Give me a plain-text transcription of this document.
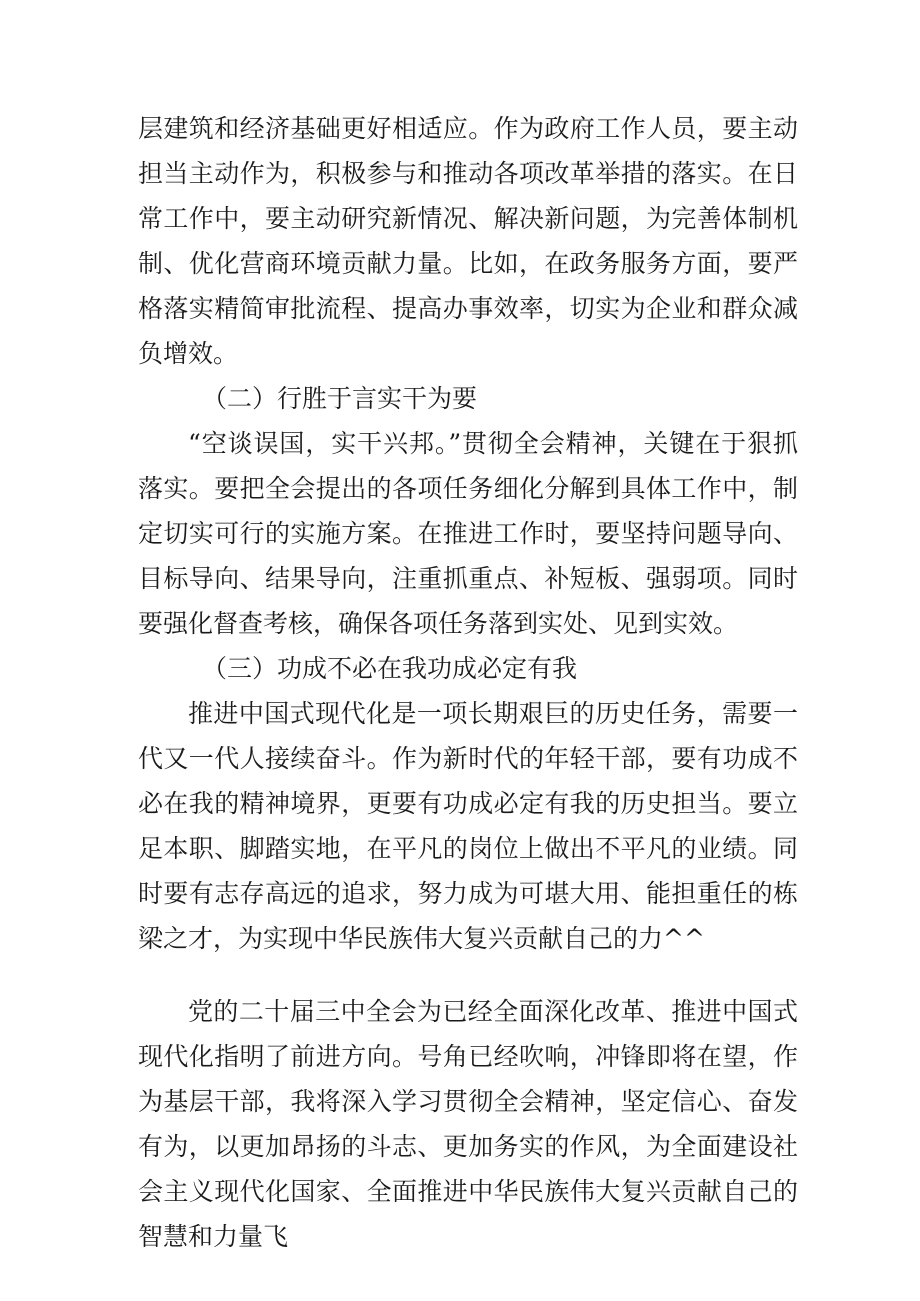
层建筑和经济基础更好相适应。作为政府工作人员，要主动担当主动作为，积极参与和推动各项改革举措的落实。在日常工作中，要主动研究新情况、解决新问题，为完善体制机制、优化营商环境贡献力量。比如，在政务服务方面，要严格落实精简审批流程、提高办事效率，切实为企业和群众减负增效。

（二）行胜于言实干为要

“空谈误国，实干兴邦。”贯彻全会精神，关键在于狠抓落实。要把全会提出的各项任务细化分解到具体工作中，制定切实可行的实施方案。在推进工作时，要坚持问题导向、目标导向、结果导向，注重抓重点、补短板、强弱项。同时要强化督查考核，确保各项任务落到实处、见到实效。

（三）功成不必在我功成必定有我

推进中国式现代化是一项长期艰巨的历史任务，需要一代又一代人接续奋斗。作为新时代的年轻干部，要有功成不必在我的精神境界，更要有功成必定有我的历史担当。要立足本职、脚踏实地，在平凡的岗位上做出不平凡的业绩。同时要有志存高远的追求，努力成为可堪大用、能担重任的栋梁之才，为实现中华民族伟大复兴贡献自己的力^^

党的二十届三中全会为已经全面深化改革、推进中国式现代化指明了前进方向。号角已经吹响，冲锋即将在望，作为基层干部，我将深入学习贯彻全会精神，坚定信心、奋发有为，以更加昂扬的斗志、更加务实的作风，为全面建设社会主义现代化国家、全面推进中华民族伟大复兴贡献自己的智慧和力量飞
